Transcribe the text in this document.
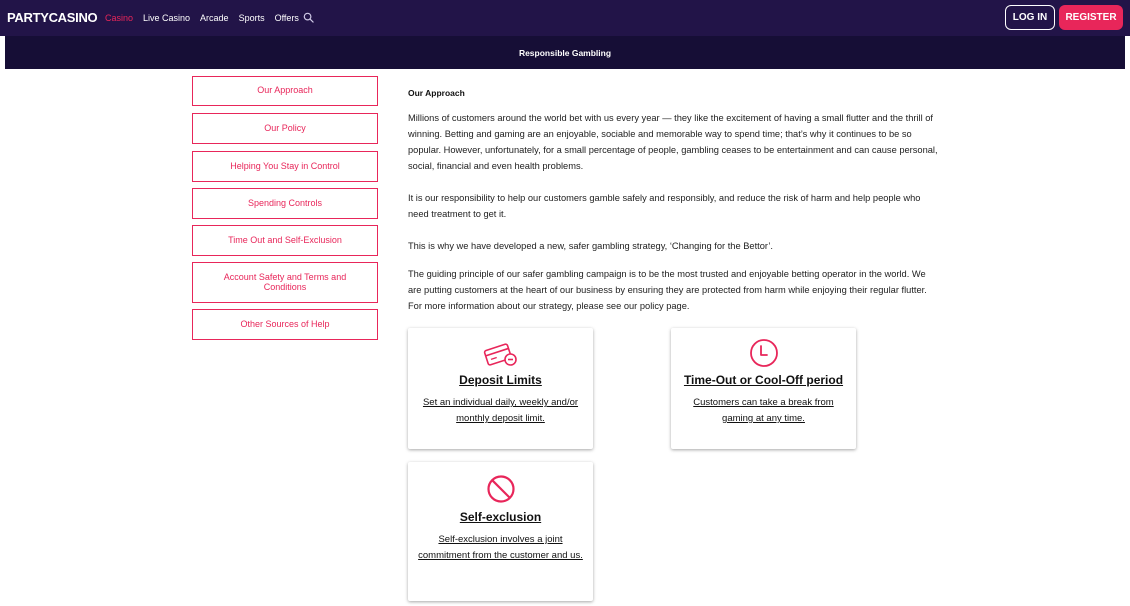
PARTYCASINO Casino Live Casino Arcade Sports Offers	LOG IN	REGISTER
Responsible Gambling
Our Approach
Our Policy
Helping You Stay in Control
Spending Controls
Time Out and Self-Exclusion
Account Safety and Terms and Conditions
Other Sources of Help
Our Approach

Millions of customers around the world bet with us every year — they like the excitement of having a small flutter and the thrill of winning. Betting and gaming are an enjoyable, sociable and memorable way to spend time; that’s why it continues to be so popular. However, unfortunately, for a small percentage of people, gambling ceases to be entertainment and can cause personal, social, financial and even health problems.

It is our responsibility to help our customers gamble safely and responsibly, and reduce the risk of harm and help people who need treatment to get it.

This is why we have developed a new, safer gambling strategy, ‘Changing for the Bettor’.

The guiding principle of our safer gambling campaign is to be the most trusted and enjoyable betting operator in the world. We are putting customers at the heart of our business by ensuring they are protected from harm while enjoying their regular flutter. For more information about our strategy, please see our policy page.

Deposit Limits
Set an individual daily, weekly and/or monthly deposit limit.
Time-Out or Cool-Off period
Customers can take a break from gaming at any time.
Self-exclusion
Self-exclusion involves a joint commitment from the customer and us.
